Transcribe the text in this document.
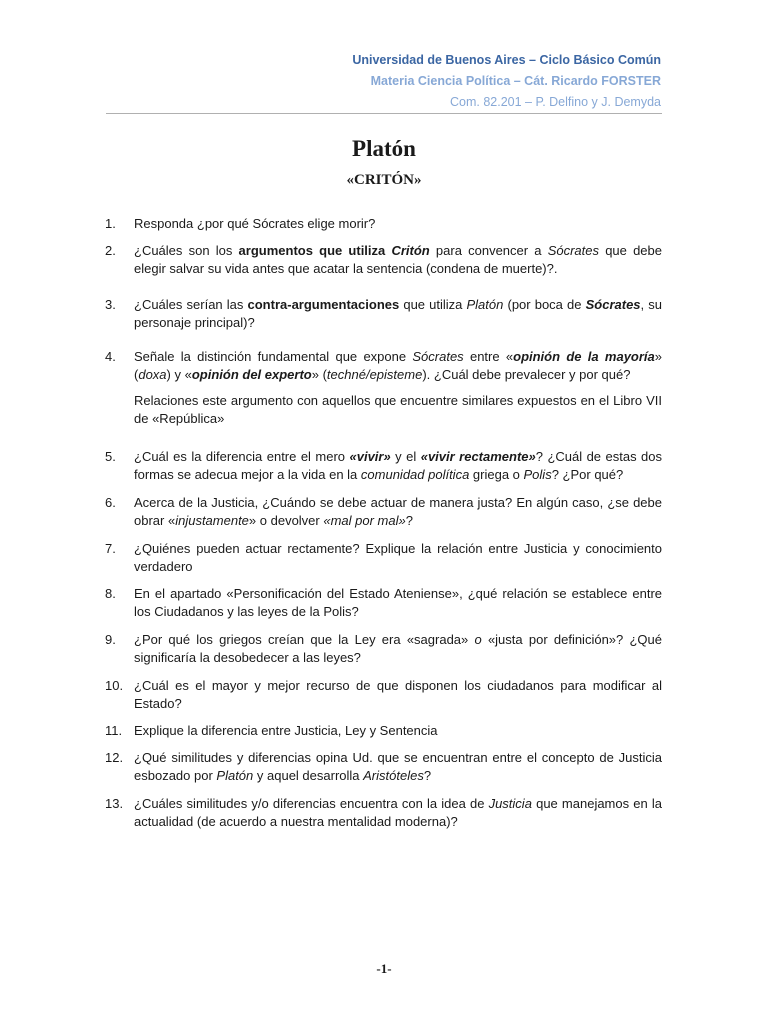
Universidad de Buenos Aires – Ciclo Básico Común
Materia Ciencia Política – Cát. Ricardo FORSTER
Com. 82.201 – P. Delfino y J. Demyda
Platón
«CRITÓN»
1.	Responda ¿por qué Sócrates elige morir?
2.	¿Cuáles son los argumentos que utiliza Critón para convencer a Sócrates que debe elegir salvar su vida antes que acatar la sentencia (condena de muerte)?.
3.	¿Cuáles serían las contra-argumentaciones que utiliza Platón (por boca de Sócrates, su personaje principal)?
4.	Señale la distinción fundamental que expone Sócrates entre «opinión de la mayoría» (doxa) y «opinión del experto» (techné/episteme). ¿Cuál debe prevalecer y por qué?
Relaciones este argumento con aquellos que encuentre similares expuestos en el Libro VII de «República»
5.	¿Cuál es la diferencia entre el mero «vivir» y el «vivir rectamente»? ¿Cuál de estas dos formas se adecua mejor a la vida en la comunidad política griega o Polis? ¿Por qué?
6.	Acerca de la Justicia, ¿Cuándo se debe actuar de manera justa? En algún caso, ¿se debe obrar «injustamente» o devolver «mal por mal»?
7.	¿Quiénes pueden actuar rectamente? Explique la relación entre Justicia y conocimiento verdadero
8.	En el apartado «Personificación del Estado Ateniense», ¿qué relación se establece entre los Ciudadanos y las leyes de la Polis?
9.	¿Por qué los griegos creían que la Ley era «sagrada» o «justa por definición»? ¿Qué significaría la desobedecer a las leyes?
10. ¿Cuál es el mayor y mejor recurso de que disponen los ciudadanos para modificar al Estado?
11. Explique la diferencia entre Justicia, Ley y Sentencia
12. ¿Qué similitudes y diferencias opina Ud. que se encuentran entre el concepto de Justicia esbozado por Platón y aquel desarrolla Aristóteles?
13. ¿Cuáles similitudes y/o diferencias encuentra con la idea de Justicia que manejamos en la actualidad (de acuerdo a nuestra mentalidad moderna)?
-1-
